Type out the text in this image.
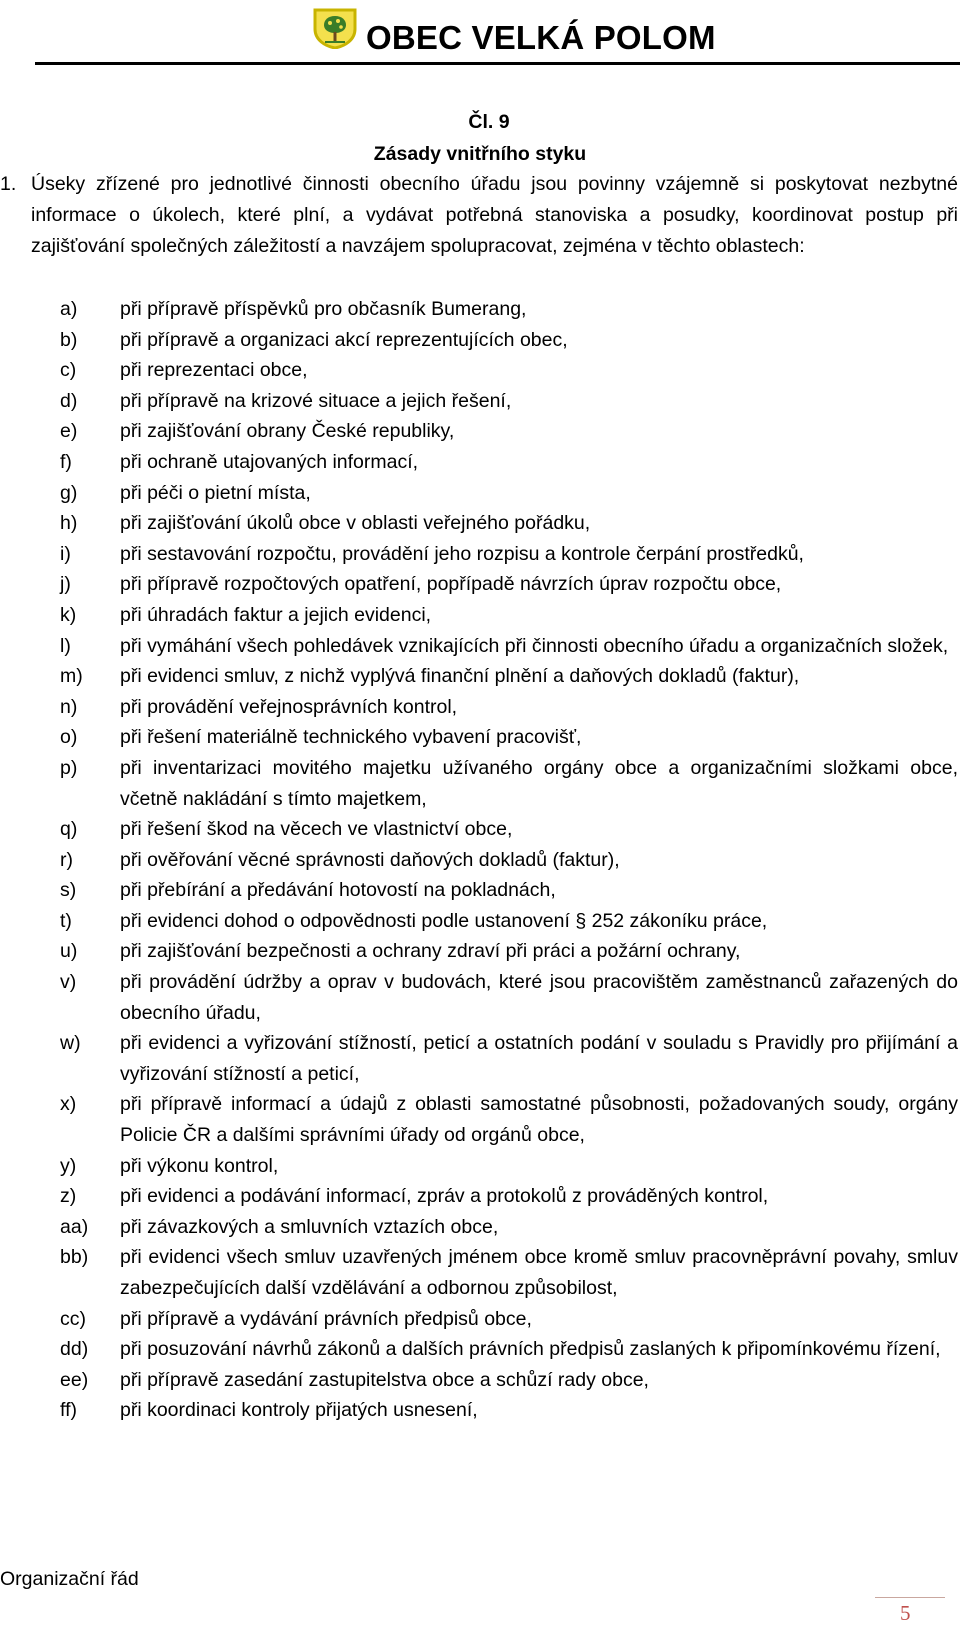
OBEC VELKÁ POLOM
Čl. 9
Zásady vnitřního styku
1. Úseky zřízené pro jednotlivé činnosti obecního úřadu jsou povinny vzájemně si poskytovat nezbytné informace o úkolech, které plní, a vydávat potřebná stanoviska a posudky, koordinovat postup při zajišťování společných záležitostí a navzájem spolupracovat, zejména v těchto oblastech:
a) při přípravě příspěvků pro občasník Bumerang,
b) při přípravě a organizaci akcí reprezentujících obec,
c) při reprezentaci obce,
d) při přípravě na krizové situace a jejich řešení,
e) při zajišťování obrany České republiky,
f) při ochraně utajovaných informací,
g) při péči o pietní místa,
h) při zajišťování úkolů obce v oblasti veřejného pořádku,
i)	při sestavování rozpočtu, provádění jeho rozpisu a kontrole čerpání prostředků,
j)	při přípravě rozpočtových opatření, popřípadě návrzích úprav rozpočtu obce,
k) při úhradách faktur a jejich evidenci,
l)	při vymáhání všech pohledávek vznikajících při činnosti obecního úřadu a organizačních složek,
m) při evidenci smluv, z nichž vyplývá finanční plnění a daňových dokladů (faktur),
n) při provádění veřejnosprávních kontrol,
o) při řešení materiálně technického vybavení pracovišť,
p) při inventarizaci movitého majetku užívaného orgány obce a organizačními složkami obce, včetně nakládání s tímto majetkem,
q) při řešení škod na věcech ve vlastnictví obce,
r) při ověřování věcné správnosti daňových dokladů (faktur),
s) při přebírání a předávání hotovostí na pokladnách,
t) při evidenci dohod o odpovědnosti podle ustanovení § 252 zákoníku práce,
u) při zajišťování bezpečnosti a ochrany zdraví při práci a požární ochrany,
v) při provádění údržby a oprav v budovách, které jsou pracovištěm zaměstnanců zařazených do obecního úřadu,
w) při evidenci a vyřizování stížností, peticí a ostatních podání v souladu s Pravidly pro přijímání a vyřizování stížností a peticí,
x) při přípravě informací a údajů z oblasti samostatné působnosti, požadovaných soudy, orgány Policie ČR a dalšími správními úřady od orgánů obce,
y) při výkonu kontrol,
z) při evidenci a podávání informací, zpráv a protokolů z prováděných kontrol,
aa) při závazkových a smluvních vztazích obce,
bb) při evidenci všech smluv uzavřených jménem obce kromě smluv pracovněprávní povahy, smluv zabezpečujících další vzdělávání a odbornou způsobilost,
cc) při přípravě a vydávání právních předpisů obce,
dd) při posuzování návrhů zákonů a dalších právních předpisů zaslaných k připomínkovému řízení,
ee) při přípravě zasedání zastupitelstva obce a schůzí rady obce,
ff) při koordinaci kontroly přijatých usnesení,
Organizační řád
5
